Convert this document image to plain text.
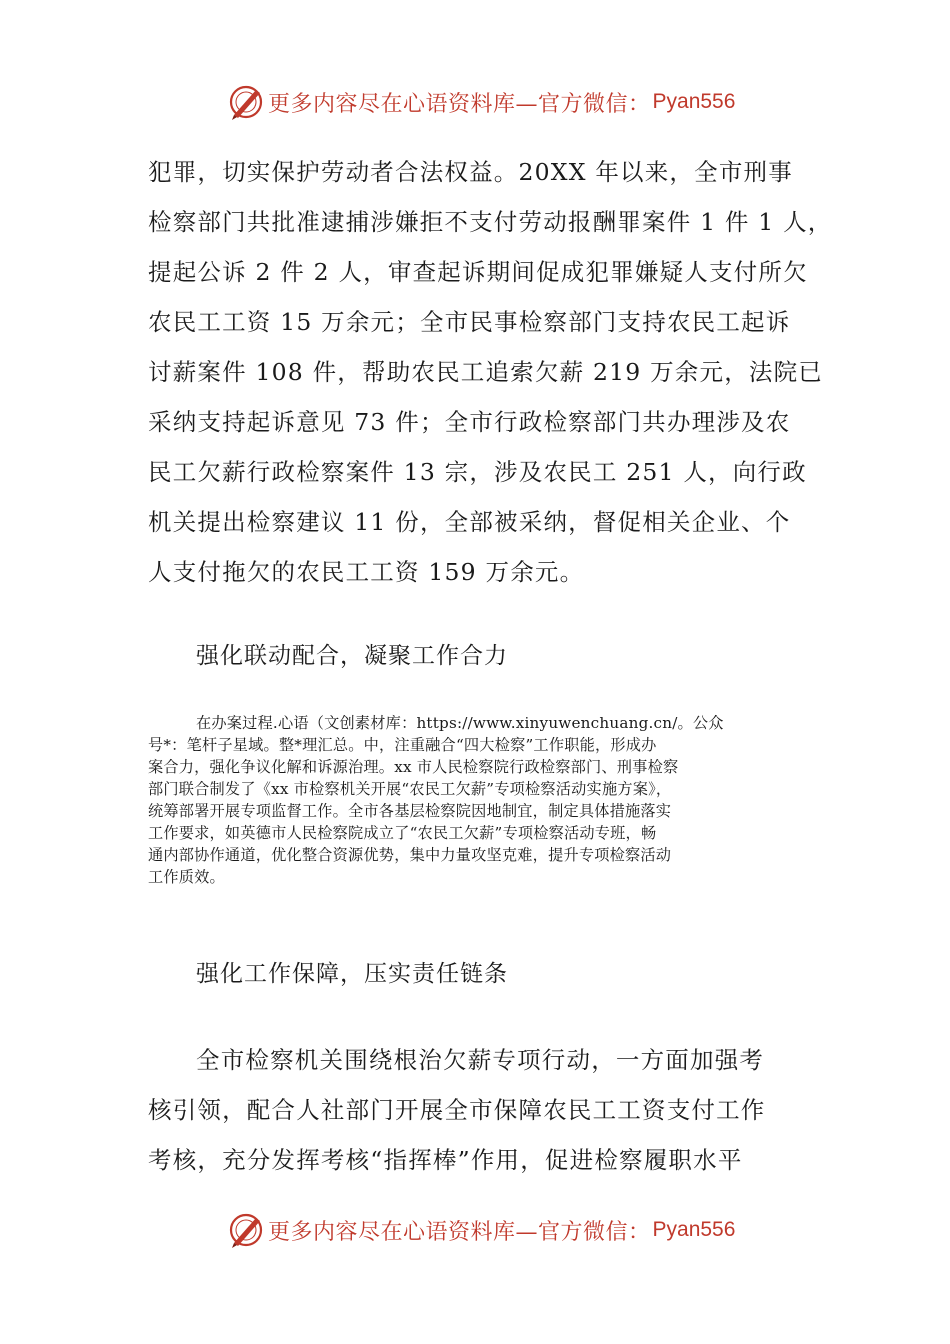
更多内容尽在心语资料库—官方微信： Pyan556
犯罪，切实保护劳动者合法权益。20XX 年以来，全市刑事
检察部门共批准逮捕涉嫌拒不支付劳动报酬罪案件 1 件 1 人，
提起公诉 2 件 2 人，审查起诉期间促成犯罪嫌疑人支付所欠
农民工工资 15 万余元；全市民事检察部门支持农民工起诉
讨薪案件 108 件，帮助农民工追索欠薪 219 万余元，法院已
采纳支持起诉意见 73 件；全市行政检察部门共办理涉及农
民工欠薪行政检察案件 13 宗，涉及农民工 251 人，向行政
机关提出检察建议 11 份，全部被采纳，督促相关企业、个
人支付拖欠的农民工工资 159 万余元。
强化联动配合，凝聚工作合力
在办案过程.心语（文创素材库：https://www.xinyuwenchuang.cn/。公众
号*：笔杆子星域。整*理汇总。中，注重融合“四大检察”工作职能，形成办
案合力，强化争议化解和诉源治理。xx 市人民检察院行政检察部门、刑事检察
部门联合制发了《xx 市检察机关开展“农民工欠薪”专项检察活动实施方案》，
统筹部署开展专项监督工作。全市各基层检察院因地制宜，制定具体措施落实
工作要求，如英德市人民检察院成立了“农民工欠薪”专项检察活动专班，畅
通内部协作通道，优化整合资源优势，集中力量攻坚克难，提升专项检察活动
工作质效。
强化工作保障，压实责任链条
全市检察机关围绕根治欠薪专项行动，一方面加强考
核引领，配合人社部门开展全市保障农民工工资支付工作
考核，充分发挥考核“指挥棒”作用，促进检察履职水平
更多内容尽在心语资料库—官方微信： Pyan556
